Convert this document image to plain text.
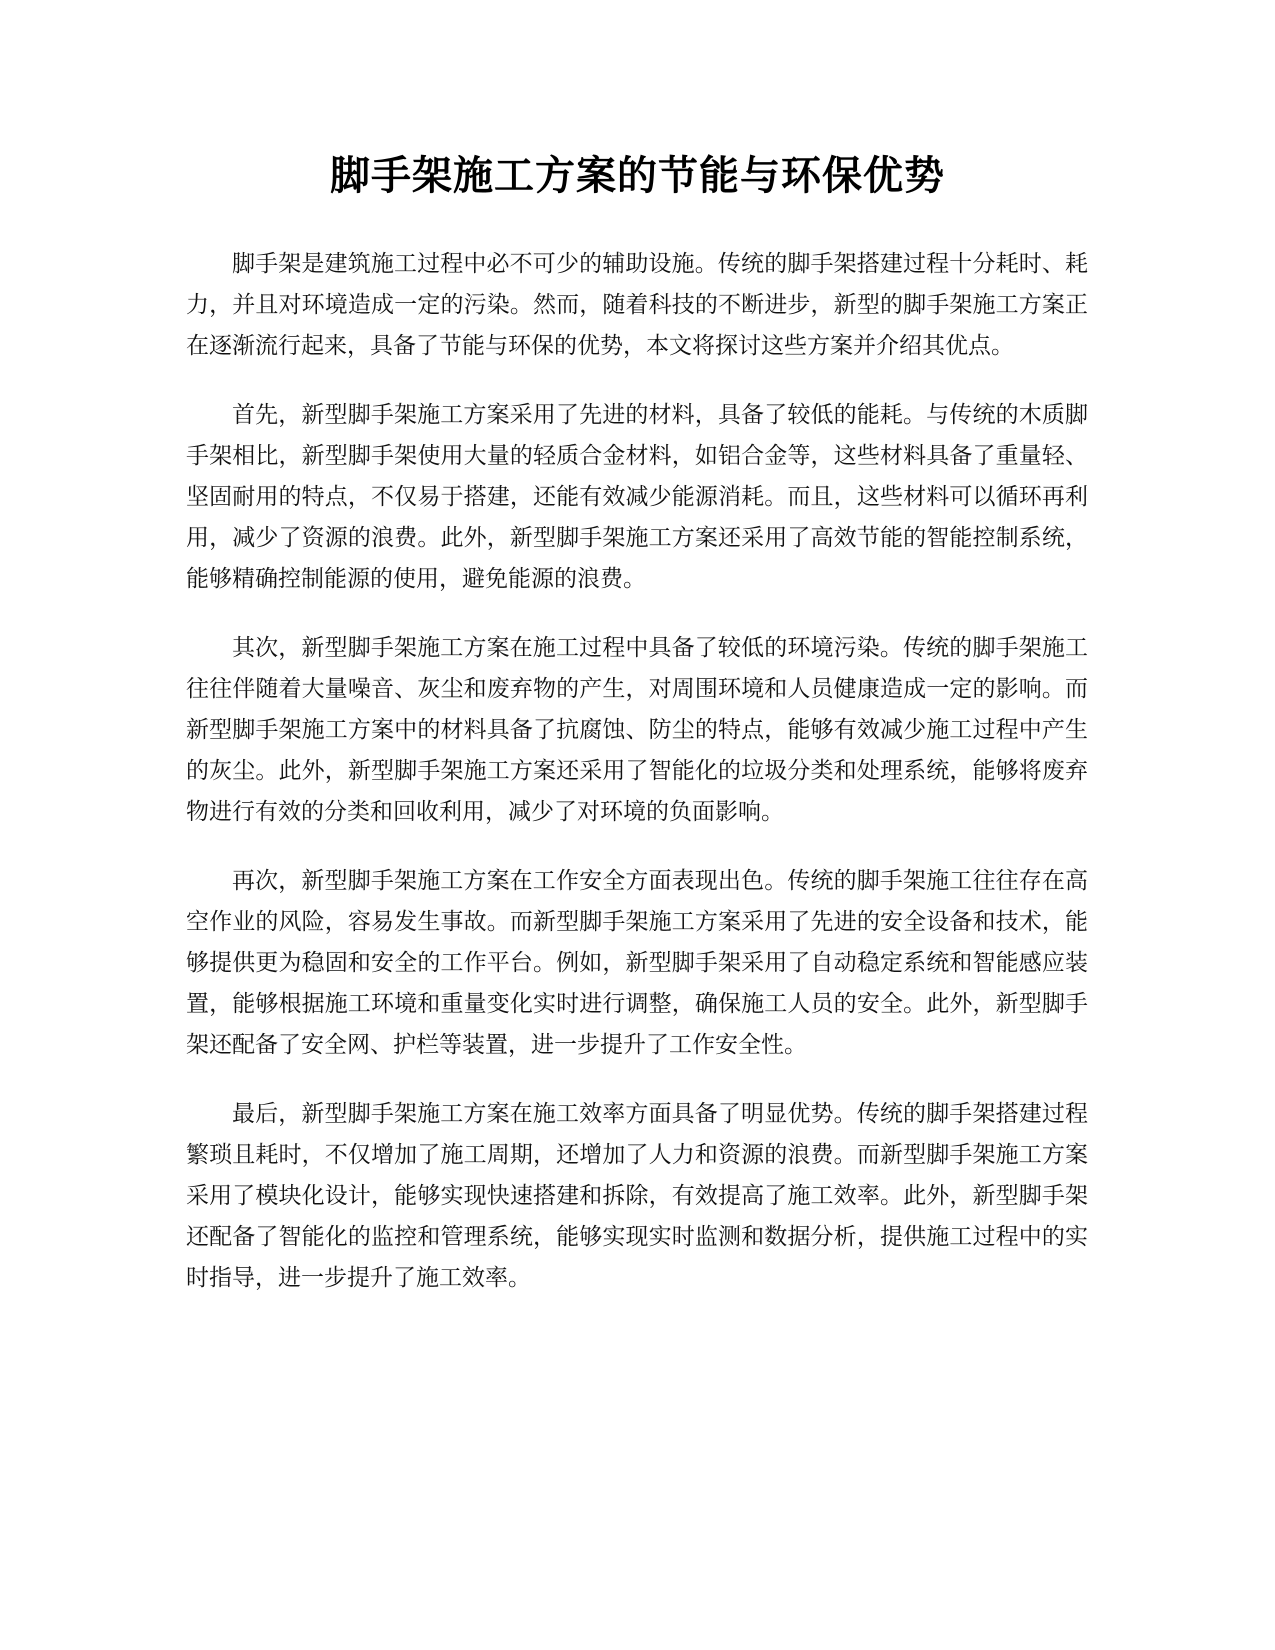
脚手架施工方案的节能与环保优势

脚手架是建筑施工过程中必不可少的辅助设施。传统的脚手架搭建过程十分耗时、耗力，并且对环境造成一定的污染。然而，随着科技的不断进步，新型的脚手架施工方案正在逐渐流行起来，具备了节能与环保的优势，本文将探讨这些方案并介绍其优点。

首先，新型脚手架施工方案采用了先进的材料，具备了较低的能耗。与传统的木质脚手架相比，新型脚手架使用大量的轻质合金材料，如铝合金等，这些材料具备了重量轻、坚固耐用的特点，不仅易于搭建，还能有效减少能源消耗。而且，这些材料可以循环再利用，减少了资源的浪费。此外，新型脚手架施工方案还采用了高效节能的智能控制系统，能够精确控制能源的使用，避免能源的浪费。

其次，新型脚手架施工方案在施工过程中具备了较低的环境污染。传统的脚手架施工往往伴随着大量噪音、灰尘和废弃物的产生，对周围环境和人员健康造成一定的影响。而新型脚手架施工方案中的材料具备了抗腐蚀、防尘的特点，能够有效减少施工过程中产生的灰尘。此外，新型脚手架施工方案还采用了智能化的垃圾分类和处理系统，能够将废弃物进行有效的分类和回收利用，减少了对环境的负面影响。

再次，新型脚手架施工方案在工作安全方面表现出色。传统的脚手架施工往往存在高空作业的风险，容易发生事故。而新型脚手架施工方案采用了先进的安全设备和技术，能够提供更为稳固和安全的工作平台。例如，新型脚手架采用了自动稳定系统和智能感应装置，能够根据施工环境和重量变化实时进行调整，确保施工人员的安全。此外，新型脚手架还配备了安全网、护栏等装置，进一步提升了工作安全性。

最后，新型脚手架施工方案在施工效率方面具备了明显优势。传统的脚手架搭建过程繁琐且耗时，不仅增加了施工周期，还增加了人力和资源的浪费。而新型脚手架施工方案采用了模块化设计，能够实现快速搭建和拆除，有效提高了施工效率。此外，新型脚手架还配备了智能化的监控和管理系统，能够实现实时监测和数据分析，提供施工过程中的实时指导，进一步提升了施工效率。
